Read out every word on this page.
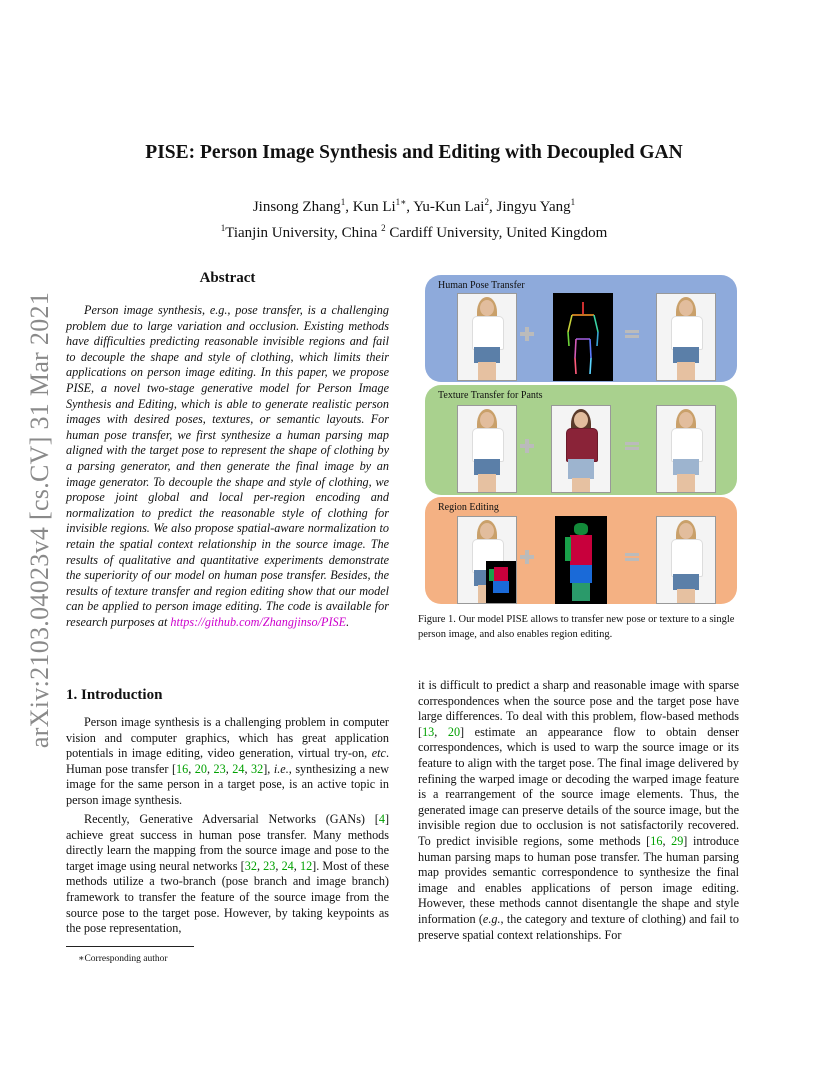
arXiv:2103.04023v4 [cs.CV] 31 Mar 2021
PISE: Person Image Synthesis and Editing with Decoupled GAN
Jinsong Zhang$^1$, Kun $Li^{1∗}$, Yu-Kun Lai$^2$, Jingyu Yang$^1$
$^1$Tianjin University, China $^2$ Cardiff University, United Kingdom
Abstract

Person image synthesis, e.g., pose transfer, is a challenging problem due to large variation and occlusion. Existing methods have difficulties predicting reasonable invisible regions and fail to decouple the shape and style of clothing, which limits their applications on person image editing. In this paper, we propose PISE, a novel two-stage generative model for Person Image Synthesis and Editing, which is able to generate realistic person images with desired poses, textures, or semantic layouts. For human pose transfer, we first synthesize a human parsing map aligned with the target pose to represent the shape of clothing by a parsing generator, and then generate the final image by an image generator. To decouple the shape and style of clothing, we propose joint global and local per-region encoding and normalization to predict the reasonable style of clothing for invisible regions. We also propose spatial-aware normalization to retain the spatial context relationship in the source image. The results of qualitative and quantitative experiments demonstrate the superiority of our model on human pose transfer. Besides, the results of texture transfer and region editing show that our model can be applied to person image editing. The code is available for research purposes at https://github.com/Zhangjinso/PISE.

1. Introduction

Person image synthesis is a challenging problem in computer vision and computer graphics, which has great application potentials in image editing, video generation, virtual try-on, etc. Human pose transfer [16, 20, 23, 24, 32], i.e., synthesizing a new image for the same person in a target pose, is an active topic in person image synthesis.

Recently, Generative Adversarial Networks (GANs) [4] achieve great success in human pose transfer. Many methods directly learn the mapping from the source image and pose to the target image using neural networks [32, 23, 24, 12]. Most of these methods utilize a two-branch (pose branch and image branch) framework to transfer the feature of the source image from the source pose to the target pose. However, by taking keypoints as the pose representation,

∗Corresponding author
Human Pose Transfer
Texture Transfer for Pants
Region Editing

Figure 1. Our model PISE allows to transfer new pose or texture to a single person image, and also enables region editing.

it is difficult to predict a sharp and reasonable image with sparse correspondences when the source pose and the target pose have large differences. To deal with this problem, flow-based methods [13, 20] estimate an appearance flow to obtain denser correspondences, which is used to warp the source image or its feature to align with the target pose. The final image delivered by refining the warped image or decoding the warped image feature is a rearrangement of the source image elements. Thus, the generated image can preserve details of the source image, but the invisible region due to occlusion is not satisfactorily recovered. To predict invisible regions, some methods [16, 29] introduce human parsing maps to human pose transfer. The human parsing map provides semantic correspondence to synthesize the final image and enables applications of person image editing. However, these methods cannot disentangle the shape and style information (e.g., the category and texture of clothing) and fail to preserve spatial context relationships. For
